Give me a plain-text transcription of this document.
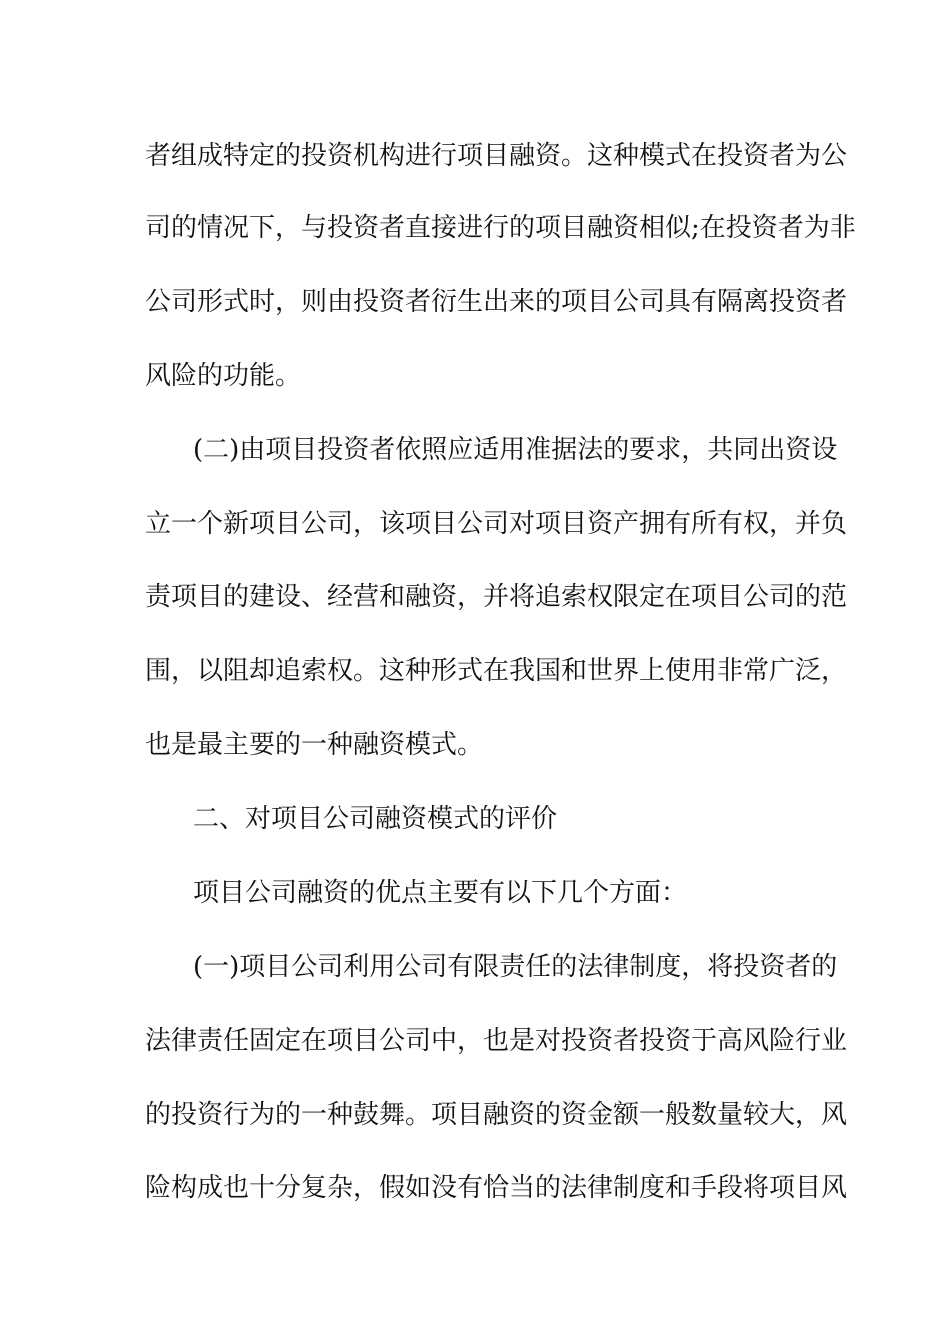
者组成特定的投资机构进行项目融资。这种模式在投资者为公
司的情况下，与投资者直接进行的项目融资相似;在投资者为非
公司形式时，则由投资者衍生出来的项目公司具有隔离投资者
风险的功能。
(二)由项目投资者依照应适用准据法的要求，共同出资设
立一个新项目公司，该项目公司对项目资产拥有所有权，并负
责项目的建设、经营和融资，并将追索权限定在项目公司的范
围，以阻却追索权。这种形式在我国和世界上使用非常广泛，
也是最主要的一种融资模式。
二、对项目公司融资模式的评价
项目公司融资的优点主要有以下几个方面：
(一)项目公司利用公司有限责任的法律制度，将投资者的
法律责任固定在项目公司中，也是对投资者投资于高风险行业
的投资行为的一种鼓舞。项目融资的资金额一般数量较大，风
险构成也十分复杂，假如没有恰当的法律制度和手段将项目风
